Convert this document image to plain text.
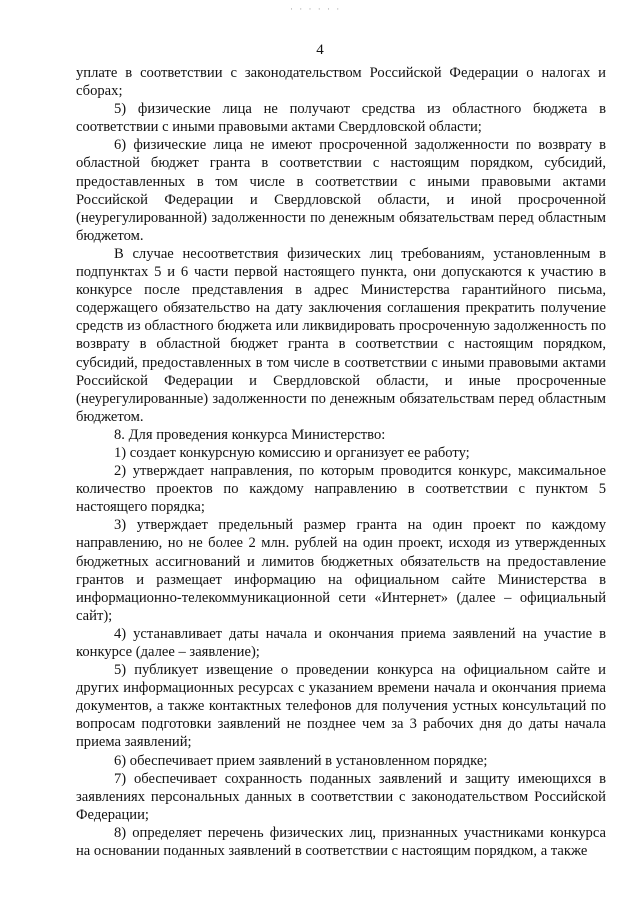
· · · · · ·
4

уплате в соответствии с законодательством Российской Федерации о налогах и сборах;

5) физические лица не получают средства из областного бюджета в соответствии с иными правовыми актами Свердловской области;

6) физические лица не имеют просроченной задолженности по возврату в областной бюджет гранта в соответствии с настоящим порядком, субсидий, предоставленных в том числе в соответствии с иными правовыми актами Российской Федерации и Свердловской области, и иной просроченной (неурегулированной) задолженности по денежным обязательствам перед областным бюджетом.

В случае несоответствия физических лиц требованиям, установленным в подпунктах 5 и 6 части первой настоящего пункта, они допускаются к участию в конкурсе после представления в адрес Министерства гарантийного письма, содержащего обязательство на дату заключения соглашения прекратить получение средств из областного бюджета или ликвидировать просроченную задолженность по возврату в областной бюджет гранта в соответствии с настоящим порядком, субсидий, предоставленных в том числе в соответствии с иными правовыми актами Российской Федерации и Свердловской области, и иные просроченные (неурегулированные) задолженности по денежным обязательствам перед областным бюджетом.

8. Для проведения конкурса Министерство:

1) создает конкурсную комиссию и организует ее работу;

2) утверждает направления, по которым проводится конкурс, максимальное количество проектов по каждому направлению в соответствии с пунктом 5 настоящего порядка;

3) утверждает предельный размер гранта на один проект по каждому направлению, но не более 2 млн. рублей на один проект, исходя из утвержденных бюджетных ассигнований и лимитов бюджетных обязательств на предоставление грантов и размещает информацию на официальном сайте Министерства в информационно-телекоммуникационной сети «Интернет» (далее – официальный сайт);

4) устанавливает даты начала и окончания приема заявлений на участие в конкурсе (далее – заявление);

5) публикует извещение о проведении конкурса на официальном сайте и других информационных ресурсах с указанием времени начала и окончания приема документов, а также контактных телефонов для получения устных консультаций по вопросам подготовки заявлений не позднее чем за 3 рабочих дня до даты начала приема заявлений;

6) обеспечивает прием заявлений в установленном порядке;

7) обеспечивает сохранность поданных заявлений и защиту имеющихся в заявлениях персональных данных в соответствии с законодательством Российской Федерации;

8) определяет перечень физических лиц, признанных участниками конкурса на основании поданных заявлений в соответствии с настоящим порядком, а также
